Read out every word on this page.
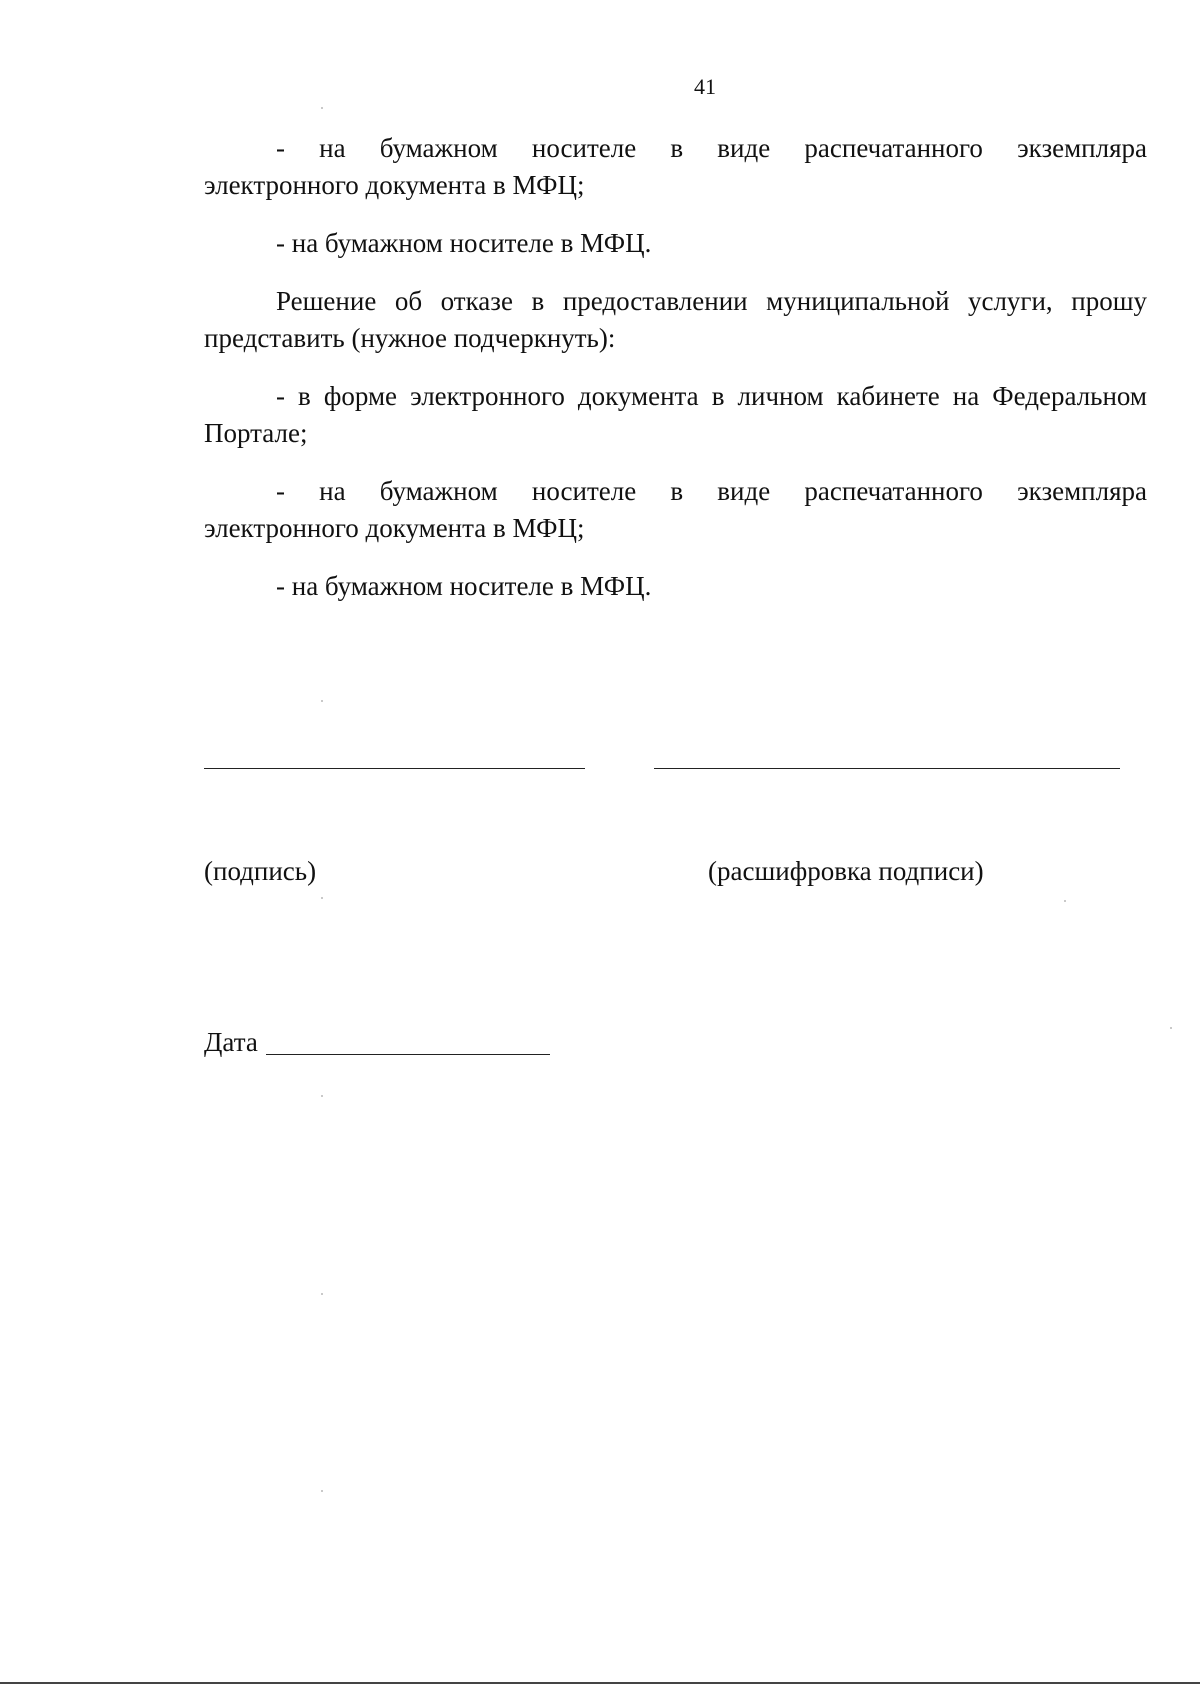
41

- на бумажном носителе в виде распечатанного экземпляра
электронного документа в МФЦ;

- на бумажном носителе в МФЦ.

Решение об отказе в предоставлении муниципальной услуги, прошу
представить (нужное подчеркнуть):

- в форме электронного документа в личном кабинете на Федеральном
Портале;

- на бумажном носителе в виде распечатанного экземпляра
электронного документа в МФЦ;

- на бумажном носителе в МФЦ.

(подпись)	(расшифровка подписи)
Дата
